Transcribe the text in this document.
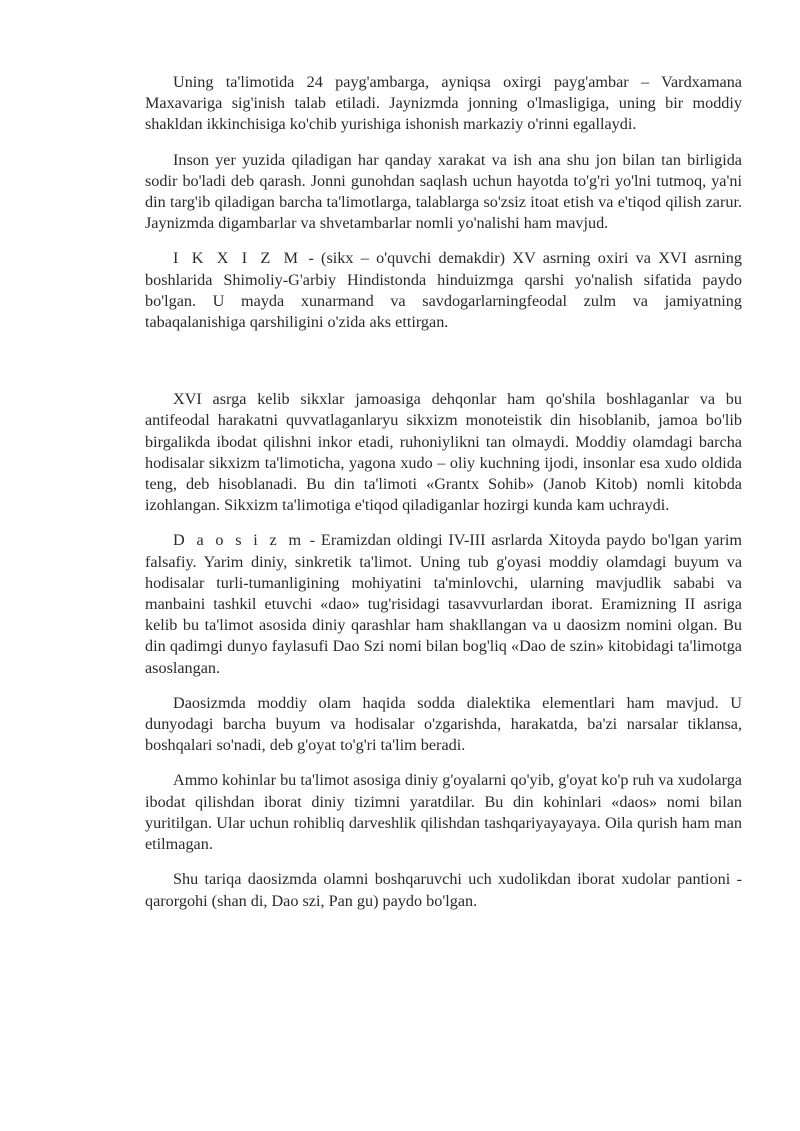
Uning ta'limotida 24 payg'ambarga, ayniqsa oxirgi payg'ambar – Vardxamana Maxavariga sig'inish talab etiladi. Jaynizmda jonning o'lmasligiga, uning bir moddiy shakldan ikkinchisiga ko'chib yurishiga ishonish markaziy o'rinni egallaydi.

Inson yer yuzida qiladigan har qanday xarakat va ish ana shu jon bilan tan birligida sodir bo'ladi deb qarash. Jonni gunohdan saqlash uchun hayotda to'g'ri yo'lni tutmoq, ya'ni din targ'ib qiladigan barcha ta'limotlarga, talablarga so'zsiz itoat etish va e'tiqod qilish zarur. Jaynizmda digambarlar va shvetambarlar nomli yo'nalishi ham mavjud.

I K X I Z M - (sikx – o'quvchi demakdir) XV asrning oxiri va XVI asrning boshlarida Shimoliy-G'arbiy Hindistonda hinduizmga qarshi yo'nalish sifatida paydo bo'lgan. U mayda xunarmand va savdogarlarningfeodal zulm va jamiyatning tabaqalanishiga qarshiligini o'zida aks ettirgan.

XVI asrga kelib sikxlar jamoasiga dehqonlar ham qo'shila boshlaganlar va bu antifeodal harakatni quvvatlaganlaryu sikxizm monoteistik din hisoblanib, jamoa bo'lib birgalikda ibodat qilishni inkor etadi, ruhoniylikni tan olmaydi. Moddiy olamdagi barcha hodisalar sikxizm ta'limoticha, yagona xudo – oliy kuchning ijodi, insonlar esa xudo oldida teng, deb hisoblanadi. Bu din ta'limoti «Grantx Sohib» (Janob Kitob) nomli kitobda izohlangan. Sikxizm ta'limotiga e'tiqod qiladiganlar hozirgi kunda kam uchraydi.

D a o s i z m - Eramizdan oldingi IV-III asrlarda Xitoyda paydo bo'lgan yarim falsafiy. Yarim diniy, sinkretik ta'limot. Uning tub g'oyasi moddiy olamdagi buyum va hodisalar turli-tumanligining mohiyatini ta'minlovchi, ularning mavjudlik sababi va manbaini tashkil etuvchi «dao» tug'risidagi tasavvurlardan iborat. Eramizning II asriga kelib bu ta'limot asosida diniy qarashlar ham shakllangan va u daosizm nomini olgan. Bu din qadimgi dunyo faylasufi Dao Szi nomi bilan bog'liq «Dao de szin» kitobidagi ta'limotga asoslangan.

Daosizmda moddiy olam haqida sodda dialektika elementlari ham mavjud. U dunyodagi barcha buyum va hodisalar o'zgarishda, harakatda, ba'zi narsalar tiklansa, boshqalari so'nadi, deb g'oyat to'g'ri ta'lim beradi.

Ammo kohinlar bu ta'limot asosiga diniy g'oyalarni qo'yib, g'oyat ko'p ruh va xudolarga ibodat qilishdan iborat diniy tizimni yaratdilar. Bu din kohinlari «daos» nomi bilan yuritilgan. Ular uchun rohibliq darveshlik qilishdan tashqariyayayaya. Oila qurish ham man etilmagan.

Shu tariqa daosizmda olamni boshqaruvchi uch xudolikdan iborat xudolar pantioni - qarorgohi (shan di, Dao szi, Pan gu) paydo bo'lgan.
